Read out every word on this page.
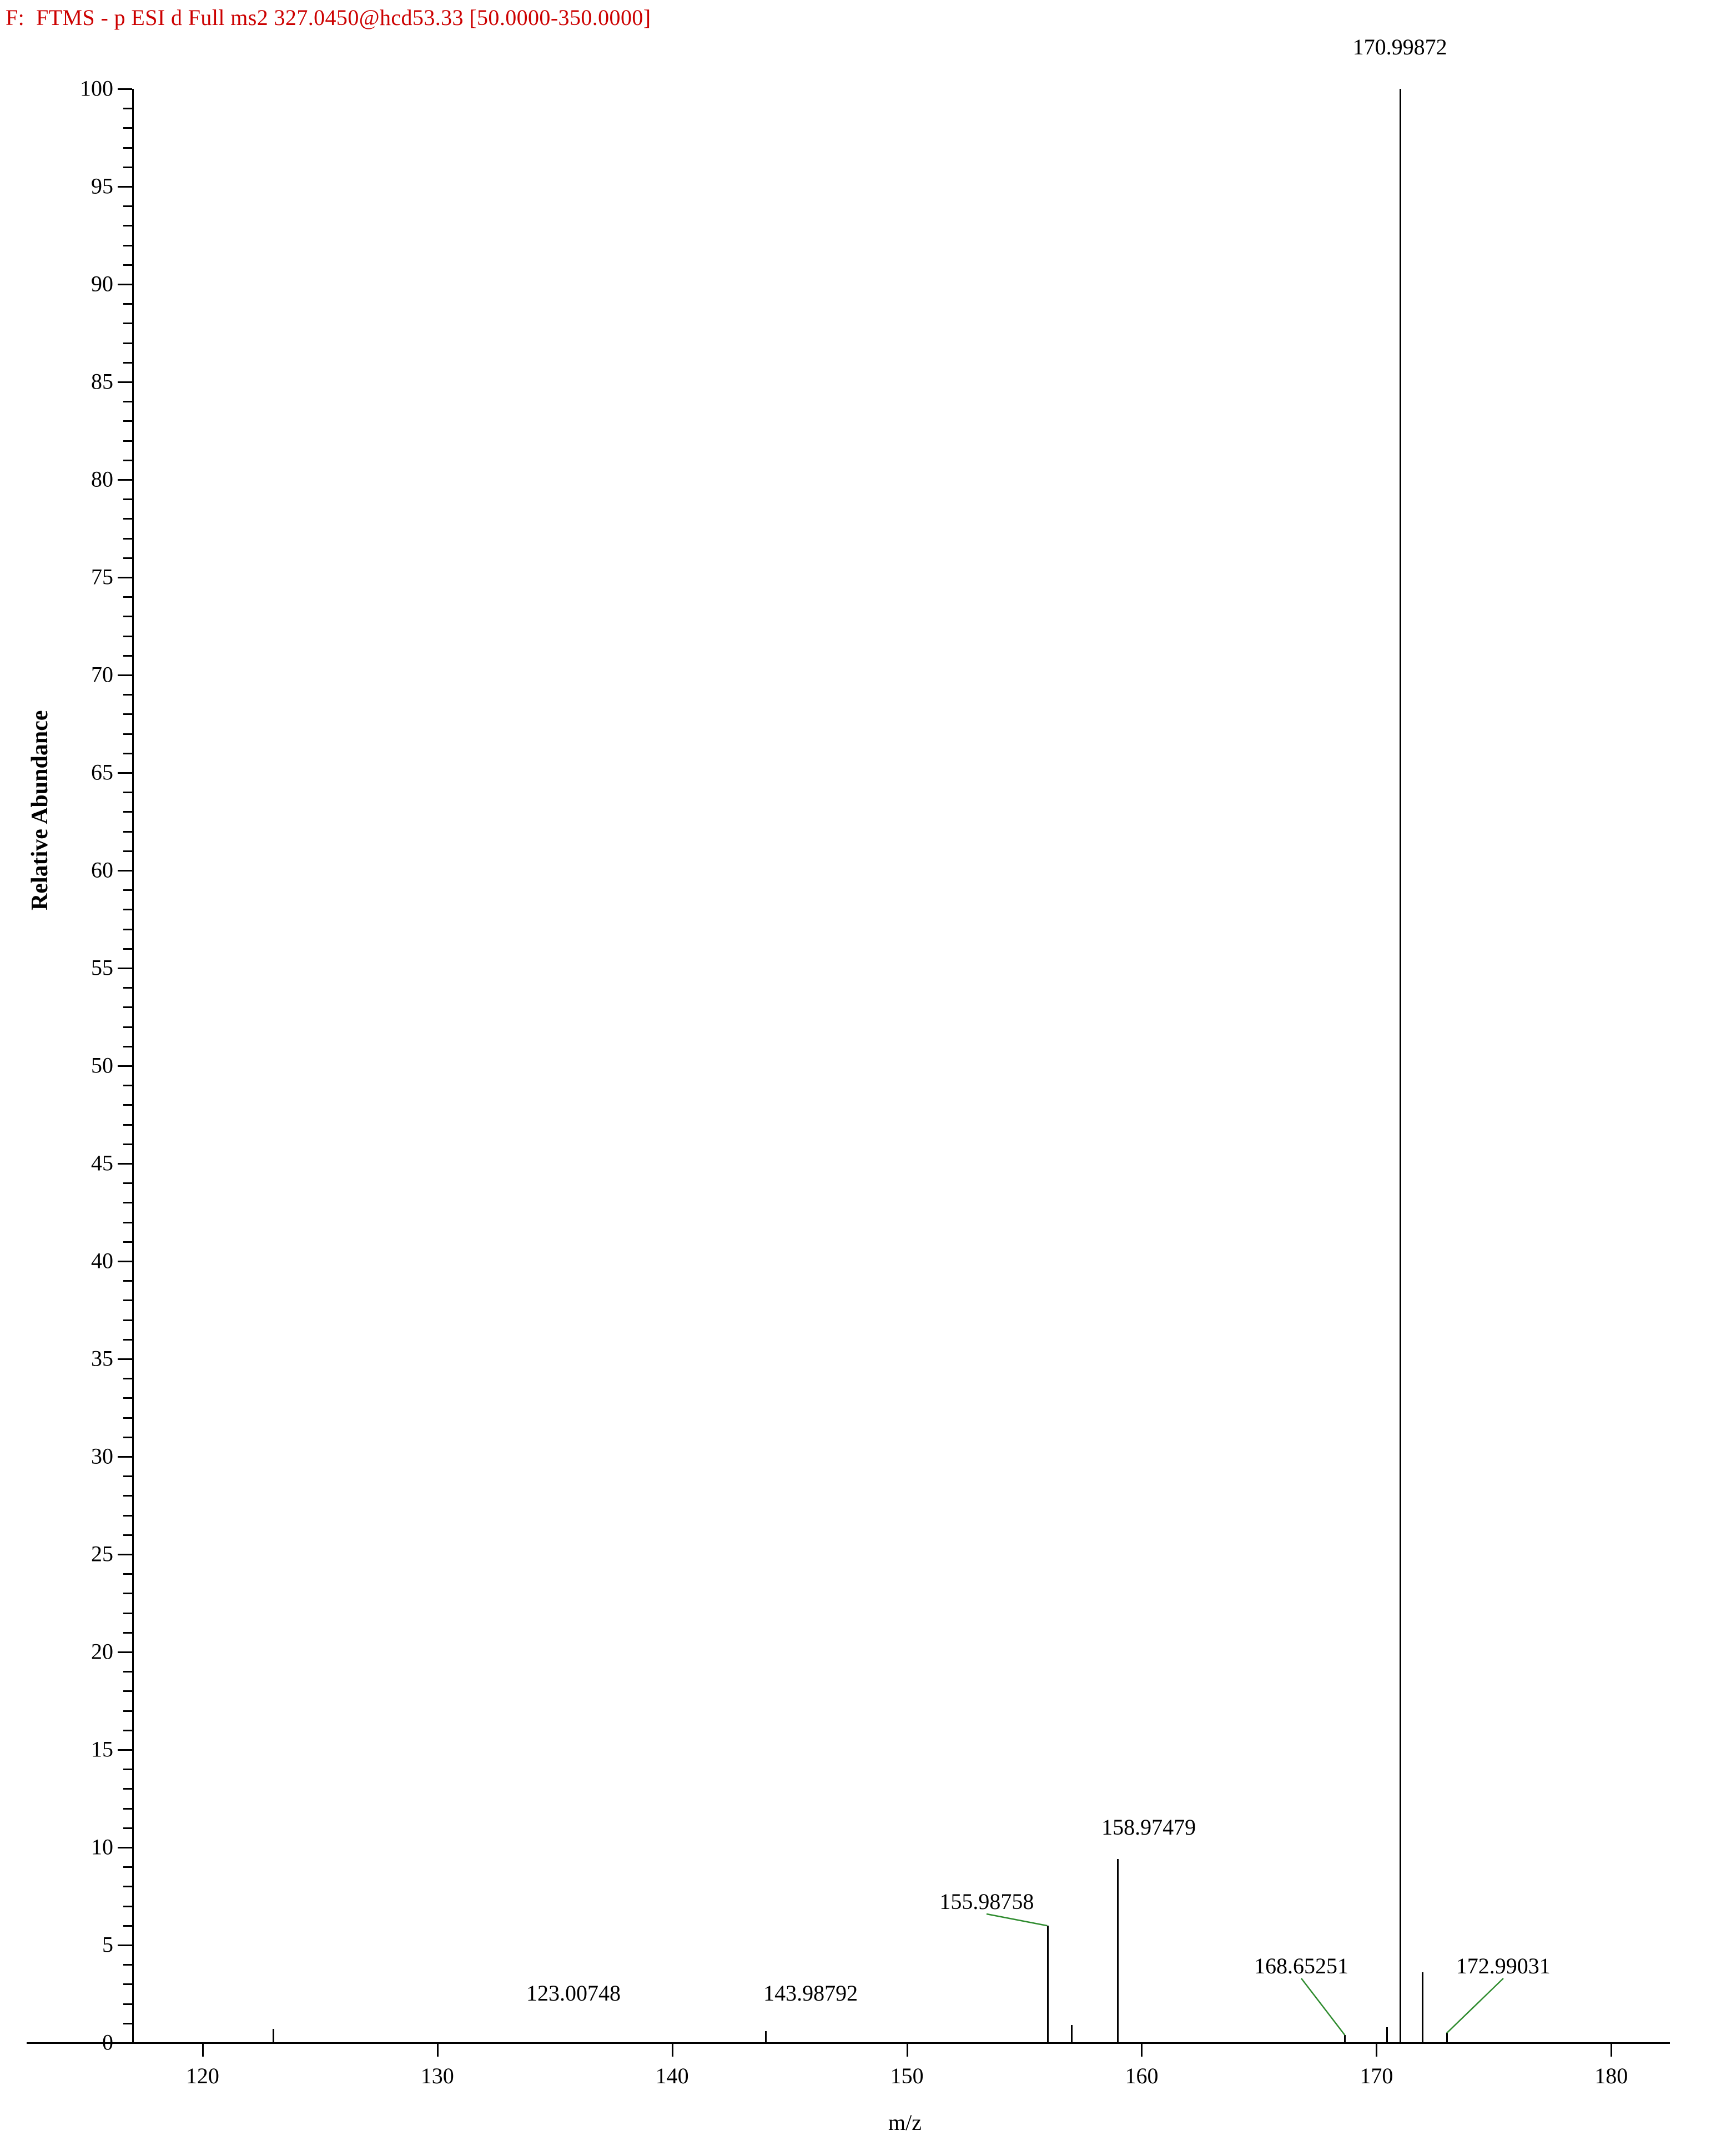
F:  FTMS - p ESI d Full ms2 327.0450@hcd53.33 [50.0000-350.0000]
0
5
10
15
20
25
30
35
40
45
50
55
60
65
70
75
80
85
90
95
100
120	130	140	150	160	170	180
123.00748	143.98792
155.98758
158.97479
168.65251
170.99872
172.99031
Relative Abundance
m/z
